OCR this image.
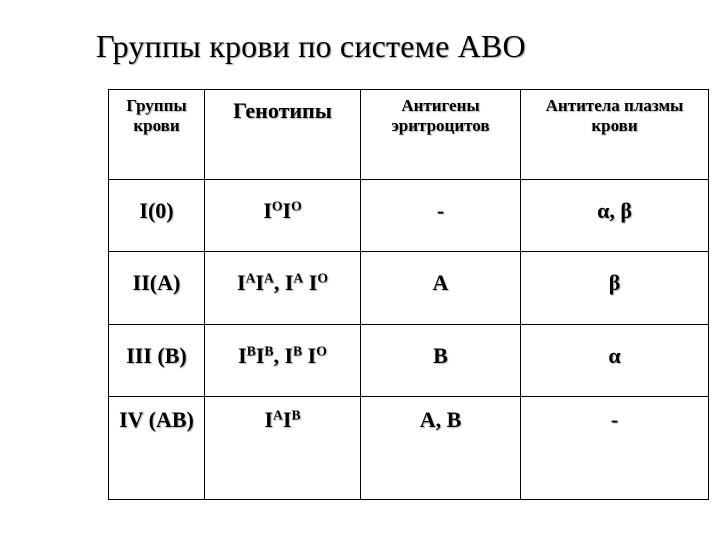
Группы крови по системе АВО
Группы крови	Генотипы	Антигены эритроцитов	Антитела плазмы крови
I(0)	$I^OI^O$	-	α, β
II(A)	$I^AI^A$, $I^A$ $I^O$	A	β
III (B)	$I^BI^B$, $I^B$ $I^O$	B	α
IV (AB)	$I^AI^B$	A, B	-
